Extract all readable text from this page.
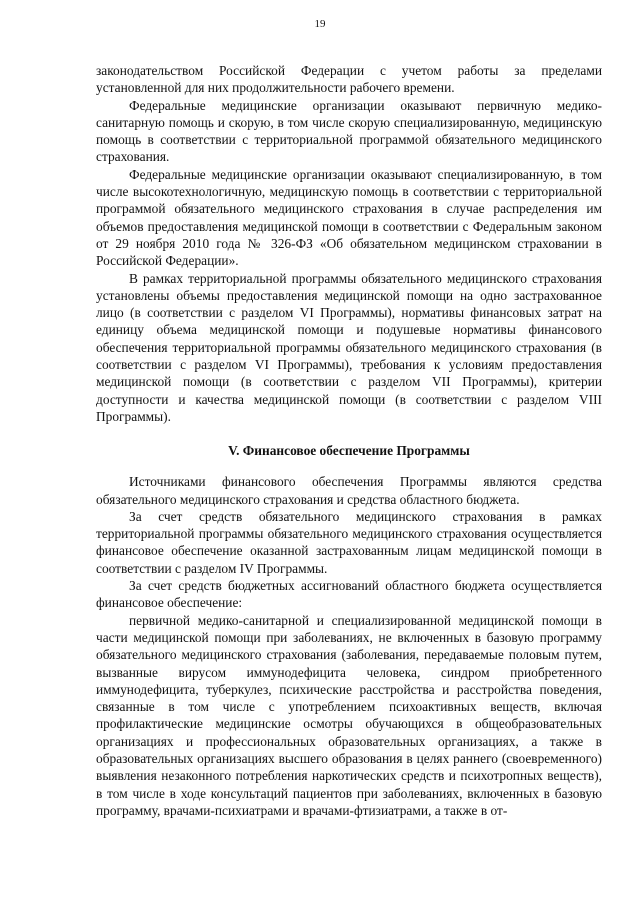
19

законодательством Российской Федерации с учетом работы за пределами установленной для них продолжительности рабочего времени.

Федеральные медицинские организации оказывают первичную медико-санитарную помощь и скорую, в том числе скорую специализированную, медицинскую помощь в соответствии с территориальной программой обязательного медицинского страхования.

Федеральные медицинские организации оказывают специализированную, в том числе высокотехнологичную, медицинскую помощь в соответствии с территориальной программой обязательного медицинского страхования в случае распределения им объемов предоставления медицинской помощи в соответствии с Федеральным законом от 29 ноября 2010 года № 326-ФЗ «Об обязательном медицинском страховании в Российской Федерации».

В рамках территориальной программы обязательного медицинского страхования установлены объемы предоставления медицинской помощи на одно застрахованное лицо (в соответствии с разделом VI Программы), нормативы финансовых затрат на единицу объема медицинской помощи и подушевые нормативы финансового обеспечения территориальной программы обязательного медицинского страхования (в соответствии с разделом VI Программы), требования к условиям предоставления медицинской помощи (в соответствии с разделом VII Программы), критерии доступности и качества медицинской помощи (в соответствии с разделом VIII Программы).

V. Финансовое обеспечение Программы

Источниками финансового обеспечения Программы являются средства обязательного медицинского страхования и средства областного бюджета.

За счет средств обязательного медицинского страхования в рамках территориальной программы обязательного медицинского страхования осуществляется финансовое обеспечение оказанной застрахованным лицам медицинской помощи в соответствии с разделом IV Программы.

За счет средств бюджетных ассигнований областного бюджета осуществляется финансовое обеспечение:

первичной медико-санитарной и специализированной медицинской помощи в части медицинской помощи при заболеваниях, не включенных в базовую программу обязательного медицинского страхования (заболевания, передаваемые половым путем, вызванные вирусом иммунодефицита человека, синдром приобретенного иммунодефицита, туберкулез, психические расстройства и расстройства поведения, связанные в том числе с употреблением психоактивных веществ, включая профилактические медицинские осмотры обучающихся в общеобразовательных организациях и профессиональных образовательных организациях, а также в образовательных организациях высшего образования в целях раннего (своевременного) выявления незаконного потребления наркотических средств и психотропных веществ), в том числе в ходе консультаций пациентов при заболеваниях, включенных в базовую программу, врачами-психиатрами и врачами-фтизиатрами, а также в от-
